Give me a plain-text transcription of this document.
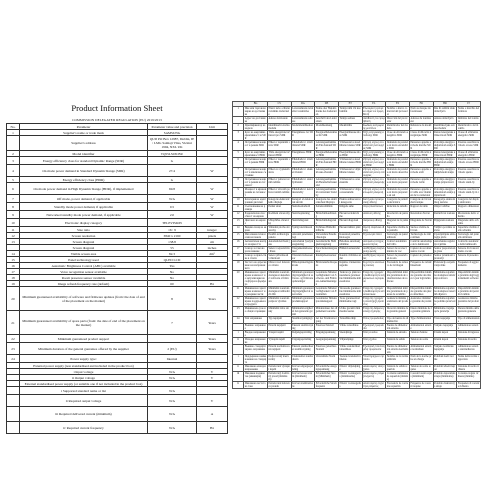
Product Information Sheet
COMMISSION DELEGATED REGULATION (EU) 2019/2013
No.	Parameter	Parameter value and precision	Unit
1	Supplier's name or trade mark	SAMSUNG	
	Supplier's address	QUIJ PO Box 12987, Dublin, IE / LMG Saimaji Vilas, Vizzini 1994, NXL UK	
2	Model identifier	TQ55LS03CBU	
3	Energy efficiency class for standard Dynamic Range (SDR)	G	
4	On mode power demand in Standard Dynamic Range (SDR)	27.4	W
5	Energy efficiency class (HDR)	G	
6	On mode power demand in High Dynamic Range (HDR), if implemented	69.8	W
7	Off mode, power demand, if applicable	N/A	W
8	Standby mode power demand, if applicable	0.5	W
9	Networked standby mode power demand, if applicable	2.0	W
10	Electronic display category	TELEVISION	
11	Size ratio	16 : 9	integer
12	Screen resolution	3840 x 2160	pixels
13	Screen diagonal	138.8	cm
	Screen diagonal	55	inches
14	Visible screen area	82.3	dm²
15	Panel technology used	QLED LCD	
16	Automatic Brightness Control (ABC) available	Yes	
17	Voice recognition sensor available	No	
18	Room presence sensor available	No	
19	Image refresh frequency rate (default)	60	Hz
20	Minimum guaranteed availability of software and firmware updates (from: the date of end of the placement on the market)	8	Years
21	Minimum guaranteed availability of spare parts (from: the date of end of the placement on the market)	7	Years
22	Minimum guaranteed product support		Years
23	Minimum duration of the general guarantee offered by the supplier	2 (EU)	Years
24	Power supply type:	Internal	
	External power supply (non standardised and included in the product box)		
	i Input voltage	N/A	V
	ii Output voltage	N/A	V
	External standardised power supply (or suitable one if not included in the product box)		
	i Supported standard name or list	N/A	
	ii Required output voltage	N/A	V
	iii Required delivered current (minimum)	N/A	A
	iv Required current frequency	N/A	Hz
	BG	CS	DA	DE	ET	EL	ES	FR	HR	IT
1	Име или търговска марка на доставчика	Název nebo ochranná známka dodavatele	Leverandørens navn eller varemærke	Name oder Handelsmarke des Lieferanten	Tarnija nimi või kaubamärk	Επωνυμία ή εμπορικό σήμα του προμηθευτή	Nombre o marca comercial del proveedor	Nom ou marque du fournisseur	Ime ili zaštitni znak dobavljača	Nome o marchio del fornitore
	Адрес на доставчика	Adresa dodavatele	Leverandørens adresse	Anschrift des Lieferanten	Tarnija aadress	Διεύθυνση του προμηθευτή	Dirección del proveedor	Adresse du fournisseur	Adresa dobavljača	Indirizzo del fornitore
2	Идентификатор на модела	Identifikační značka modelu	Modelidentifikation	Modellkennung	Mudelitähis	Κωδικός αναγνώρισης μοντέλου	Identificador del modelo	Référence du modèle	Identifikacijska oznaka modela	Identificativo del modello
3	Клас на енергийна ефективност за SDR	Třída energetické účinnosti pro SDR	Energiklasse for SDR	Energieeffizienzklasse für SDR	Energiatõhususe klass SDR	Τάξη ενεργειακής απόδοσης SDR	Clase de eficiencia energética SDR	Classe d'efficacité énergétique SDR	Razred energetske učinkovitosti SDR	Classe di efficienza energetica SDR
4	Потребявана мощност в режим SDR	Příkon v zapnutém stavu SDR	Effektbehov i tændt tilstand SDR	Leistungsaufnahme im Ein-Zustand SDR	Võimsustarve sisselülitatud olekus SDR	Ζήτηση ισχύος σε κατάσταση λειτουργίας SDR	Demanda de potencia en modo encendido SDR	Puissance appelée en mode marche SDR	Potrošnja energije u uključenom stanju SDR	Potenza assorbita nel modo acceso SDR
5	Клас на енергийна ефективност HDR	Třída energetické účinnosti HDR	Energiklasse HDR	Energieeffizienzklasse HDR	Energiatõhususe klass HDR	Τάξη ενεργειακής απόδοσης HDR	Clase de eficiencia energética HDR	Classe d'efficacité énergétique HDR	Razred energetske učinkovitosti HDR	Classe di efficienza energetica HDR
6	Потребявана мощност в режим HDR	Příkon v zapnutém stavu HDR	Effektbehov i tændt tilstand HDR	Leistungsaufnahme im Ein-Zustand HDR	Võimsustarve sisselülitatud olekus HDR	Ζήτηση ισχύος σε κατάσταση λειτουργίας HDR	Demanda de potencia en modo encendido HDR	Puissance appelée en mode marche HDR	Potrošnja energije u uključenom stanju HDR	Potenza assorbita nel modo acceso HDR
7	Потребявана мощност в изключено състояние	Příkon ve vypnutém stavu	Effektbehov i slukket tilstand	Leistungsaufnahme im Aus-Zustand	Võimsustarve väljalülitatud olekus	Ζήτηση ισχύος σε κατάσταση εκτός λειτουργίας	Demanda de potencia en modo desactivado	Puissance appelée en mode arrêt	Potrošnja energije u isključenom stanju	Potenza assorbita nel modo spento
8	Потребявана мощност в режим на готовност	Příkon v pohotovostním režimu	Effektbehov i standbytilstand	Leistungsaufnahme im Bereitschaftszustand	Võimsustarve ooteseisundis	Ζήτηση ισχύος σε κατάσταση αναμονής	Demanda de potencia en modo preparado	Puissance appelée en mode veille	Potrošnja energije u stanju pripravnosti	Potenza assorbita nel modo stand-by
9	Мощност в мрежов режим на готовност	Příkon v síťovém pohotovostním režimu	Effektbehov i netværksstandby	Leistungsaufnahme im vernetzten Standby	Võimsustarve võrgu ooteseisundis	Ζήτηση ισχύος σε δικτυωμένη αναμονή	Demanda de potencia en modo preparado en red	Puissance appelée en veille avec maintien de la connexion	Potrošnja energije u umreženom stanju pripravnosti	Potenza assorbita nel modo stand-by in rete
10	Категория на електронния дисплей	Kategorie elektronického displeje	Kategori af elektronisk skærm	Kategorie des elektronischen Displays	Elektroonilise kuvari kategooria	Κατηγορία ηλεκτρονικής οθόνης	Categoría de pantalla electrónica	Catégorie de l'écran électronique	Kategorija elektroničkog zaslona	Categoria del display elettronico
11	Съотношение на размера	Poměr stran	Størrelsesforhold	Seitenverhältnis	Külgede suhe	Λόγος διαστάσεων	Relación de tamaño	Rapport de taille	Omjer veličine	Rapporto dimensioni
12	Разделителна способност на екрана	Rozlišení obrazovky	Skærmopløsning	Bildschirmauflösung	Ekraani eraldusvõime	Ανάλυση οθόνης	Resolución de pantalla	Résolution d'écran	Razlučivost zaslona	Risoluzione dello schermo
13	Диагонал на екрана	Úhlopříčka obrazovky	Skærmdiagonal	Bildschirmdiagonale	Ekraani diagonaal	Διαγώνιος οθόνης	Diagonal de la pantalla	Diagonale de l'écran	Dijagonala zaslona	Diagonale dello schermo
14	Видима площ на екрана	Viditelná plocha obrazovky	Synligt skærmareal	Sichtbare Bildschirmfläche	Ekraani nähtav pind	Ορατή επιφάνεια οθόνης	Superficie visible de la pantalla	Surface visible de l'écran	Vidljiva površina zaslona	Superficie visibile dello schermo
15	Използвана технология на панела	Použitá technologie panelu	Anvendt panelteknologi	Verwendete Paneltechnologie	Kasutatud paneelitehnoloogia	Τεχνολογία πάνελ	Tecnología de panel utilizada	Technologie de dalle utilisée	Upotrijebljena tehnologija ploče	Tecnologia del pannello utilizzata
16	Автоматичен контрол на яркостта	Automatické řízení jasu	Automatisk lysstyrkeregulering	Automatische Helligkeitsregelung	Heleduse automaatjuhtimine	Αυτόματος έλεγχος φωτεινότητας	Control automático del brillo	Contrôle automatique de la luminosité	Automatska regulacija svjetline	Controllo automatico della luminosità
17	Сензор за гласово разпознаване	Senzor rozpoznávání hlasu	Talegenkendelsessensor	Spracherkennungssensor	Hääletuvastusandur	Αισθητήρας αναγνώρισης φωνής	Sensor de reconocimiento de voz	Capteur de reconnaissance vocale	Senzor prepoznavanja glasa	Sensore di riconoscimento vocale
18	Сензор за присъствие в стаята	Senzor přítomnosti v místnosti	Tilstedeværelsessensor	Raumpräsenzsensor	Ruumis viibimise andur	Αισθητήρας παρουσίας	Sensor de presencia en la sala	Capteur de présence	Senzor prisutnosti u prostoriji	Sensore di presenza
19	Честота на опресняване на изображението	Obnovovací frekvence obrazu	Billedopdateringsfrekvens	Bildwiederholfrequenz	Kujutise värskendussagedus	Συχνότητα ανανέωσης εικόνας	Frecuencia de refresco de la imagen	Fréquence de rafraîchissement	Frekvencija osvježavanja slike	Frequenza di aggiornamento
20	Минимална гарантирана наличност на актуализации на софтуера и фърмуера	Minimální zaručená dostupnost aktualizací softwaru a firmwaru	Minimum garanteret tilgængelighed af software- og firmwareopdateringer	Garantierte Mindestverfügbarkeit von Software- und Firmware-Aktualisierungen	Tarkvara ja püsivara uuenduste garanteeritud minimaalne kättesaadavus	Ελάχιστη εγγυημένη διαθεσιμότητα ενημερώσεων λογισμικού	Disponibilidad mínima garantizada de actualizaciones de software	Disponibilité minimale garantie des mises à jour logicielles	Minimalna zajamčena dostupnost ažuriranja softvera	Disponibilità minima garantita degli aggiornamenti software
21	Минимална гарантирана наличност на резервни части	Minimální zaručená dostupnost náhradních dílů	Minimum garanteret tilgængelighed af reservedele	Garantierte Mindestverfügbarkeit von Ersatzteilen	Varuosade garanteeritud minimaalne kättesaadavus	Ελάχιστη εγγυημένη διαθεσιμότητα ανταλλακτικών	Disponibilidad mínima garantizada de piezas de recambio	Disponibilité minimale garantie des pièces détachées	Minimalna zajamčena dostupnost rezervnih dijelova	Disponibilità minima garantita dei pezzi di ricambio
22	Минимална гарантирана поддръжка на продукта	Minimální zaručená podpora výrobku	Minimum garanteret produktsupport	Garantierter Mindestproduktsupport	Toote garanteeritud minimaalne tugi	Ελάχιστη εγγυημένη υποστήριξη προϊόντος	Asistencia mínima garantizada del producto	Assistance minimale garantie du produit	Minimalna zajamčena podrška proizvodu	Assistenza minima garantita del prodotto
23	Минимален срок на общата гаранция	Minimální doba záruky	Minimumsvarighed af den generelle garanti	Mindestdauer der allgemeinen Garantie	Üldise garantii minimaalne kestus	Ελάχιστη διάρκεια γενικής εγγύησης	Duración mínima de la garantía general	Durée minimale de la garantie générale	Minimalno trajanje opće garancije	Durata minima della garanzia generale
24	Тип захранване	Typ napájení	Strømforsyningstype	Art der Stromversorgung	Toiteallika tüüp	Τύπος τροφοδοσίας	Tipo de fuente de alimentación	Type d'alimentation	Vrsta napajanja	Tipo di alimentazione
	Външно захранване	Externí napájení	Ekstern strømforsyning	Externes Netzteil	Väline toiteallikas	Εξωτερική τροφοδοσία	Fuente de alimentación externa	Alimentation externe	Vanjsko napajanje	Alimentatore esterno
i	Входно напрежение	Vstupní napětí	Indgangsspænding	Eingangsspannung	Sisendpinge	Τάση εισόδου	Tensión de entrada	Tension d'entrée	Ulazni napon	Tensione di ingresso
ii	Изходно напрежение	Výstupní napětí	Udgangsspænding	Ausgangsspannung	Väljundpinge	Τάση εξόδου	Tensión de salida	Tension de sortie	Izlazni napon	Tensione di uscita
	Външно стандартизирано захранване	Externí normalizované napájení	Ekstern standardiseret strømforsyning	Externes genormtes Netzteil	Väline standarditud toiteallikas	Εξωτερική τυποποιημένη τροφοδοσία	Fuente de alimentación externa normalizada	Alimentation externe normalisée	Vanjsko normirano napajanje	Alimentatore esterno standardizzato
i	Поддържано наименование на стандарта	Podporovaný název normy	Understøttet standardnavn	Unterstützte Norm	Toetatud standardi nimetus	Υποστηριζόμενο πρότυπο	Nombre de la norma admitida	Nom de la norme prise en charge	Podržani naziv norme	Nome della norma supportata
ii	Изисквано изходно напрежение	Požadované výstupní napětí	Krævet udgangsspænding	Erforderliche Ausgangsspannung	Nõutav väljundpinge	Απαιτούμενη τάση εξόδου	Tensión de salida requerida	Tension de sortie requise	Potrebni izlazni napon	Tensione di uscita richiesta
iii	Изискван подаван ток (минимум)	Požadovaný dodávaný proud (minimum)	Krævet leveret strøm (minimum)	Erforderlicher Strom (Minimum)	Nõutav voolutugevus (minimaalne)	Απαιτούμενο ρεύμα (ελάχιστο)	Corriente suministrada requerida (mínimo)	Courant fourni requis (minimum)	Potrebna isporučena struja (minimalna)	Corrente erogata richiesta (minima)
iv	Изисквана честота на тока	Požadovaná frekvence proudu	Krævet strømfrekvens	Erforderliche Stromfrequenz	Nõutav voolusagedus	Απαιτούμενη συχνότητα ρεύματος	Frecuencia de corriente requerida	Fréquence de courant requise	Potrebna frekvencija struje	Frequenza di corrente richiesta
